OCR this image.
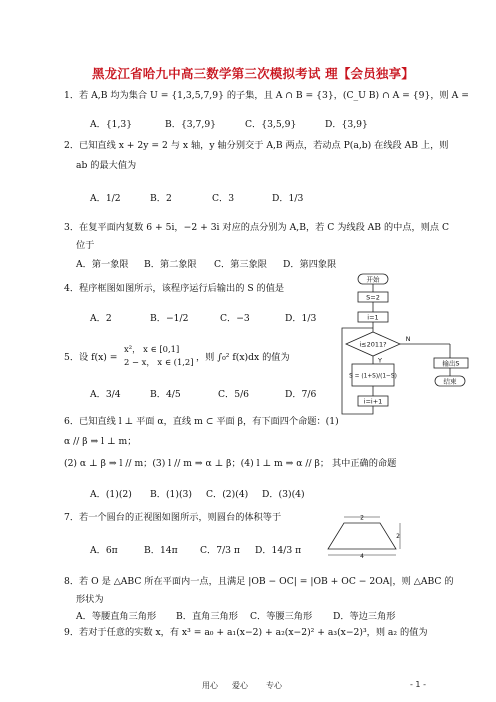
黑龙江省哈九中高三数学第三次模拟考试 理【会员独享】
1．若 A,B 均为集合 U = {1,3,5,7,9} 的子集，且 A ∩ B = {3}，(C_U B) ∩ A = {9}，则 A =
A．{1,3}	B．{3,7,9}	C．{3,5,9}	D．{3,9}
2．已知直线 x + 2y = 2 与 x 轴，y 轴分别交于 A,B 两点，若动点 P(a,b) 在线段 AB 上，则
ab 的最大值为
A．1/2	B．2	C．3	D．1/3
3．在复平面内复数 6 + 5i，−2 + 3i 对应的点分别为 A,B，若 C 为线段 AB 的中点，则点 C
位于
A．第一象限 B．第二象限 C．第三象限 D．第四象限
4．程序框图如图所示，该程序运行后输出的 S 的值是
A．2	B．−1/2	C．−3	D．1/3
开始
S=2
i=1
i≤2011?
Y
N
S = (1+S)/(1−S)
输出S
结束
i=i+1
5．设 f(x) =
x²， x ∈ [0,1]
2 − x， x ∈ (1,2] ，则 ∫₀² f(x)dx 的值为
A．3/4	B．4/5	C．5/6	D．7/6
6．已知直线 l ⊥ 平面 α，直线 m ⊂ 平面 β，有下面四个命题：(1)
α // β ⇒ l ⊥ m；
(2) α ⊥ β ⇒ l // m；(3) l // m ⇒ α ⊥ β；(4) l ⊥ m ⇒ α // β； 其中正确的命题
A．(1)(2) B．(1)(3) C．(2)(4) D．(3)(4)
7．若一个圆台的正视图如图所示，则圆台的体积等于
A．6π	B．14π C．7/3 π D．14/3 π
2
2
4
8．若 O 是 △ABC 所在平面内一点，且满足 |OB − OC| = |OB + OC − 2OA|，则 △ABC 的
形状为
A．等腰直角三角形 B．直角三角形 C．等腰三角形 D．等边三角形
9．若对于任意的实数 x，有 x³ = a₀ + a₁(x−2) + a₂(x−2)² + a₃(x−2)³，则 a₂ 的值为
用心 爱心 专心	- 1 -
